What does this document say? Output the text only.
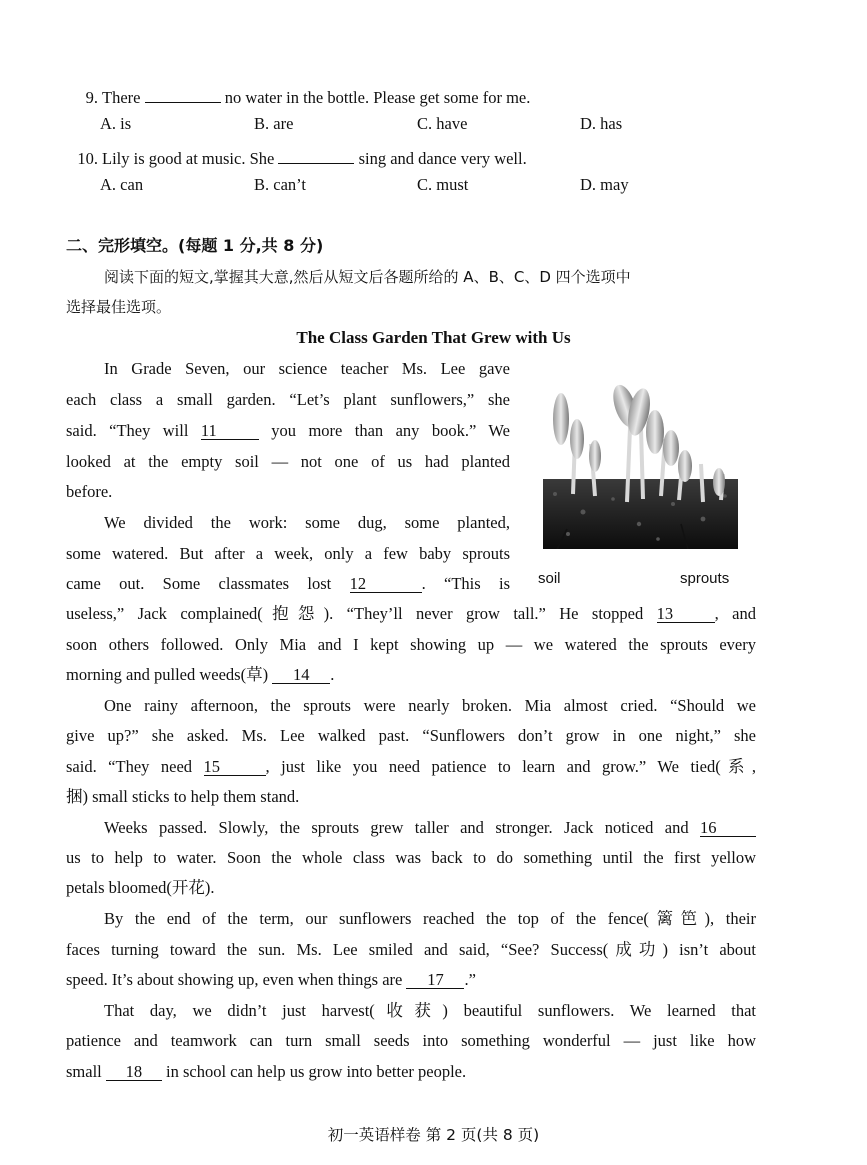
9. There	no water in the bottle. Please get some for me.
A. is	B. are	C. have	D. has
10. Lily is good at music. She	sing and dance very well.
A. can	B. can’t	C. must	D. may
二、完形填空。(每题 1 分,共 8 分)
阅读下面的短文,掌握其大意,然后从短文后各题所给的 A、B、C、D 四个选项中
选择最佳选项。
The Class Garden That Grew with Us
In Grade Seven, our science teacher Ms. Lee gave
each class a small garden. “Let’s plant sunflowers,” she
said. “They will 11	you more than any book.” We
looked at the empty soil — not one of us had planted
before.
We divided the work: some dug, some planted,
some watered. But after a week, only a few baby sprouts
came out. Some classmates lost 12	. “This is
useless,” Jack complained(抱怨). “They’ll never grow tall.” He stopped 13	, and
soon others followed. Only Mia and I kept showing up — we watered the sprouts every
morning and pulled weeds(草) 14 .
One rainy afternoon, the sprouts were nearly broken. Mia almost cried. “Should we
give up?” she asked. Ms. Lee walked past. “Sunflowers don’t grow in one night,” she
said. “They need 15	, just like you need patience to learn and grow.” We tied(系,
捆) small sticks to help them stand.
Weeks passed. Slowly, the sprouts grew taller and stronger. Jack noticed and 16
us to help to water. Soon the whole class was back to do something until the first yellow
petals bloomed(开花).
By the end of the term, our sunflowers reached the top of the fence(篱笆), their
faces turning toward the sun. Ms. Lee smiled and said, “See? Success(成功) isn’t about
speed. It’s about showing up, even when things are 17 .”
That day, we didn’t just harvest(收获) beautiful sunflowers. We learned that
patience and teamwork can turn small seeds into something wonderful — just like how
small 18 in school can help us grow into better people.
soil	sprouts
初一英语样卷 第 2 页(共 8 页)
